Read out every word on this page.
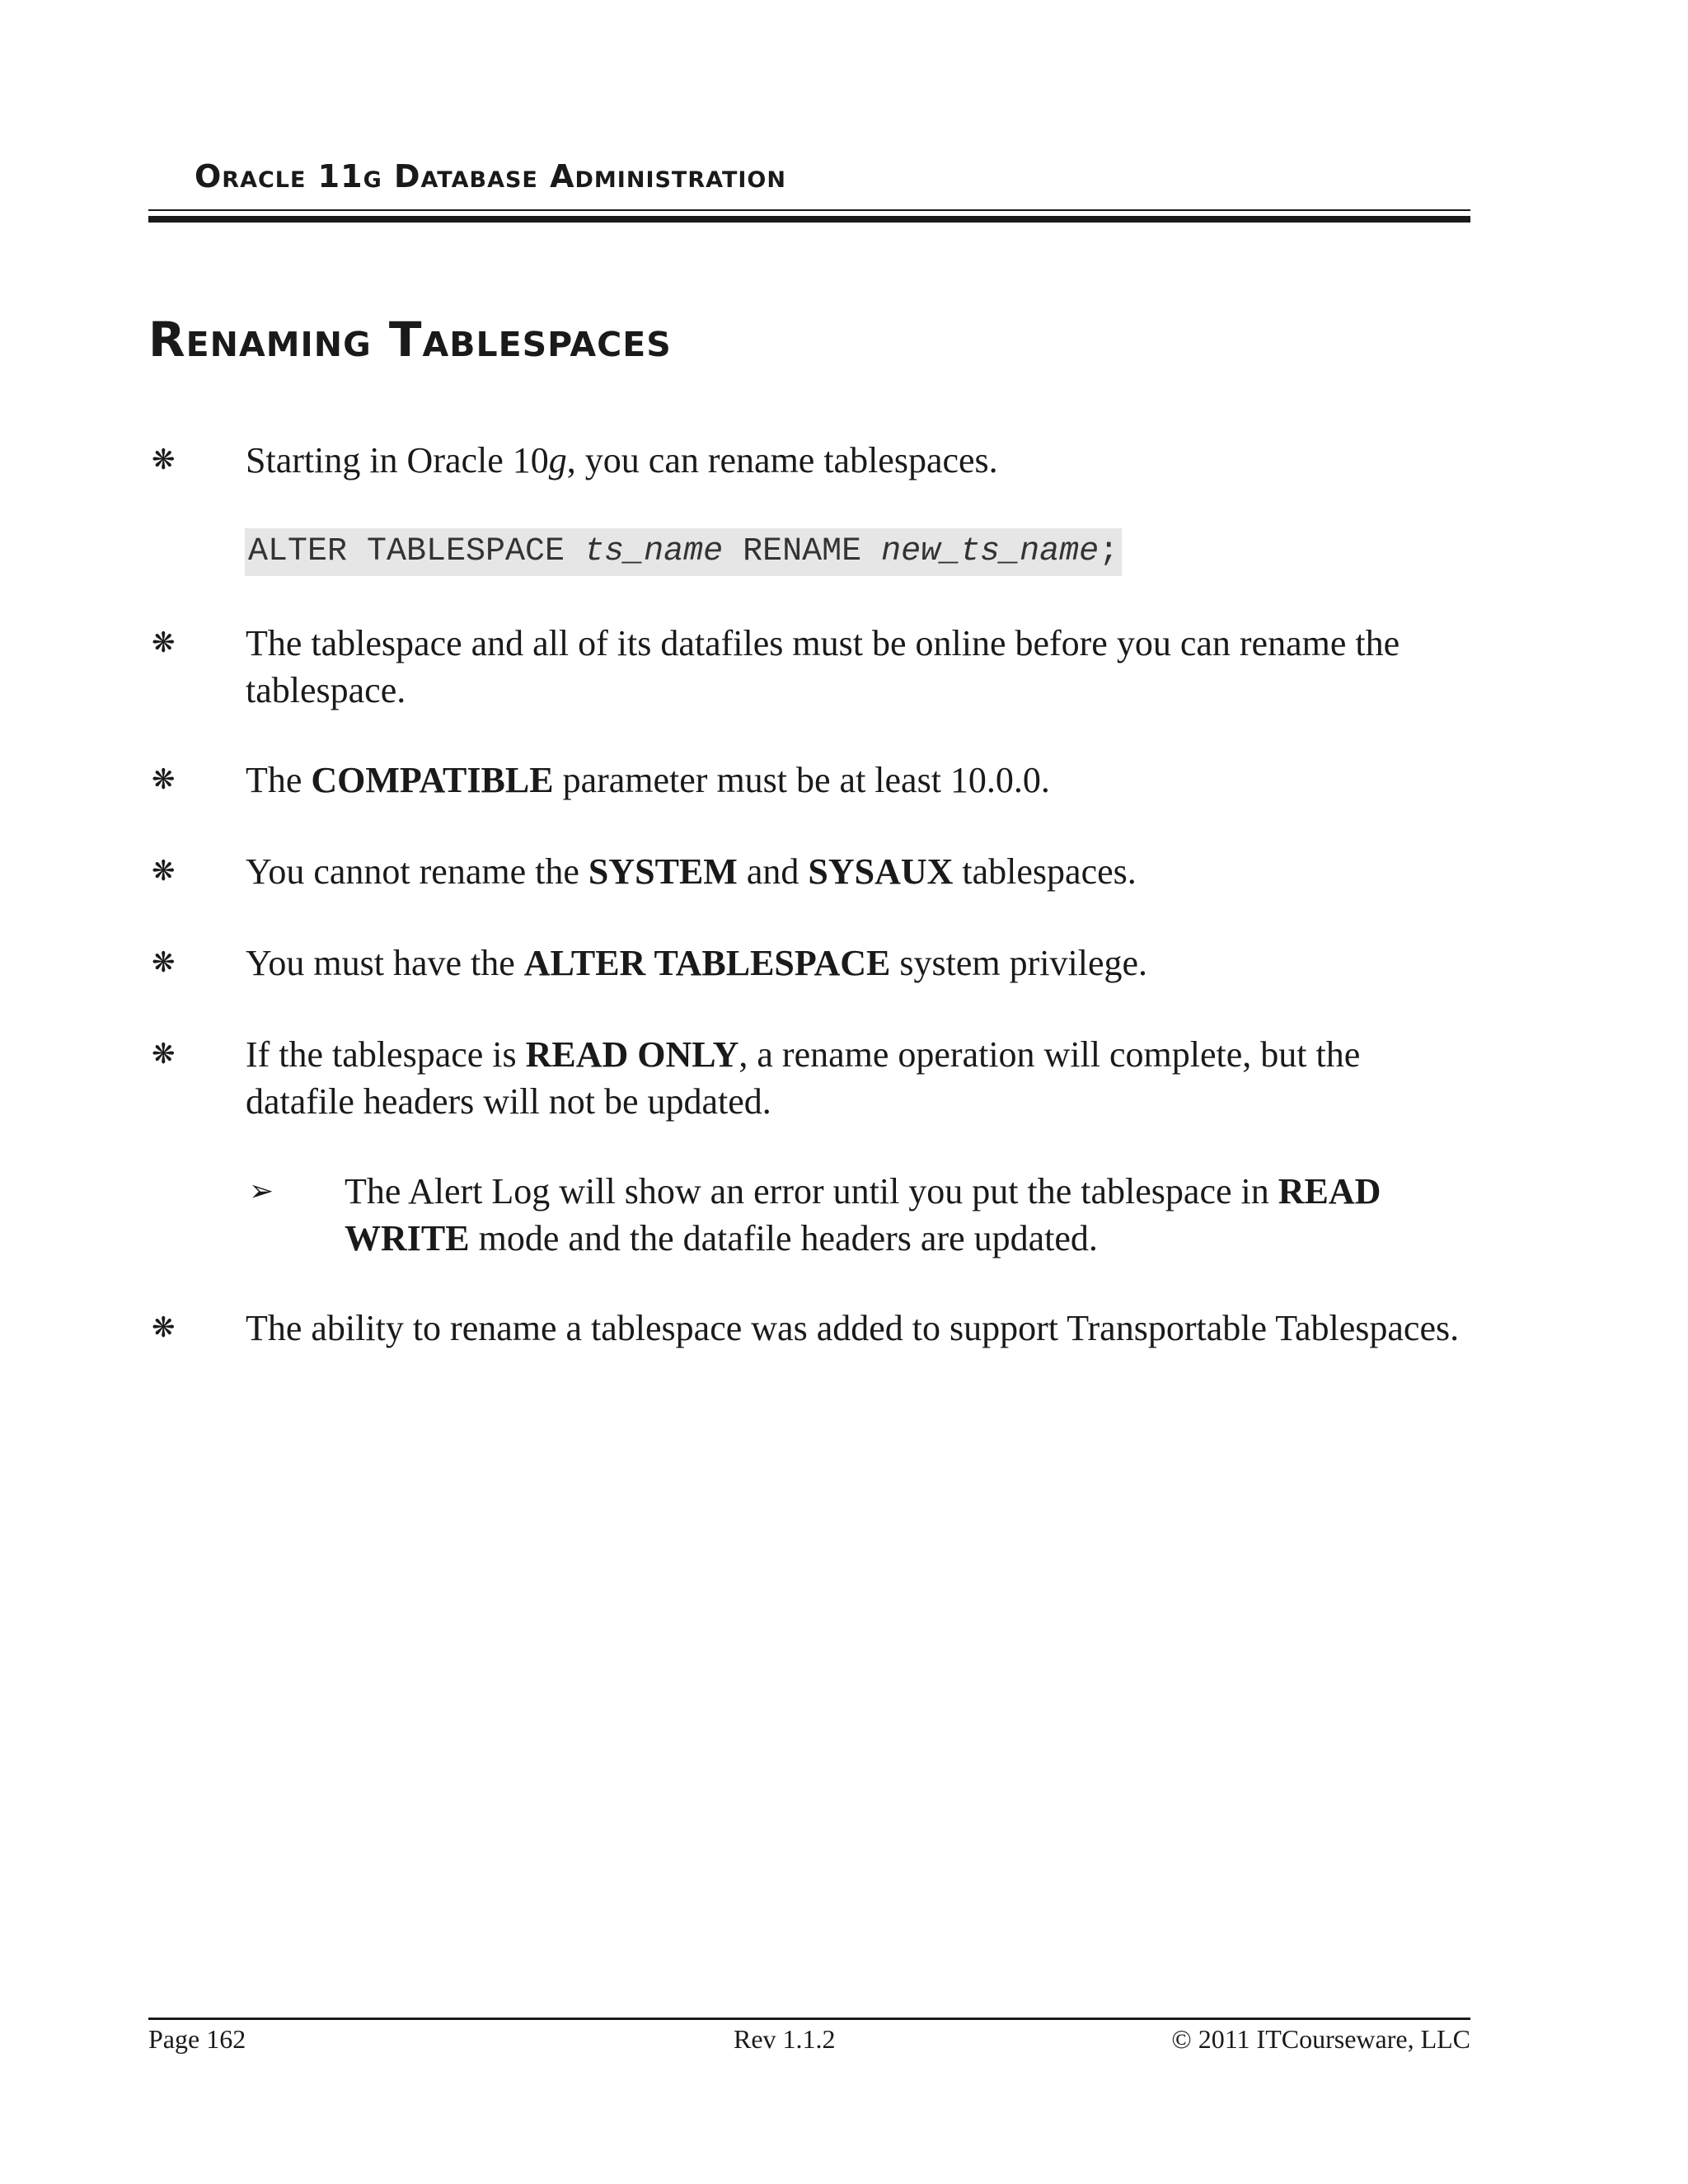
Oracle 11g Database Administration
Renaming Tablespaces
❋ Starting in Oracle 10g, you can rename tablespaces.
ALTER TABLESPACE ts_name RENAME new_ts_name;
❋ The tablespace and all of its datafiles must be online before you can rename the tablespace.
❋ The COMPATIBLE parameter must be at least 10.0.0.
❋ You cannot rename the SYSTEM and SYSAUX tablespaces.
❋ You must have the ALTER TABLESPACE system privilege.
❋ If the tablespace is READ ONLY, a rename operation will complete, but the datafile headers will not be updated.
➢ The Alert Log will show an error until you put the tablespace in READ WRITE mode and the datafile headers are updated.
❋ The ability to rename a tablespace was added to support Transportable Tablespaces.
Page 162	Rev 1.1.2	© 2011 ITCourseware, LLC
